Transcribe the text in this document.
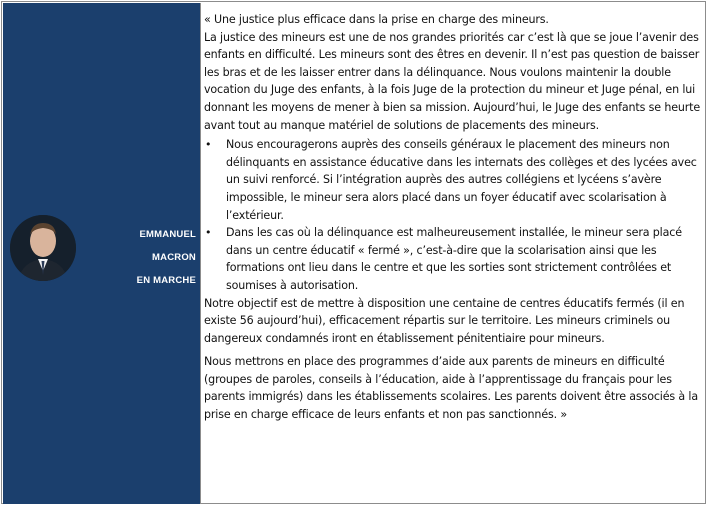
EMMANUEL
MACRON
EN MARCHE

« Une justice plus efficace dans la prise en charge des mineurs.

La justice des mineurs est une de nos grandes priorités car c’est là que se joue l’avenir des enfants en difficulté. Les mineurs sont des êtres en devenir. Il n’est pas question de baisser les bras et de les laisser entrer dans la délinquance. Nous voulons maintenir la double vocation du Juge des enfants, à la fois Juge de la protection du mineur et Juge pénal, en lui donnant les moyens de mener à bien sa mission. Aujourd’hui, le Juge des enfants se heurte avant tout au manque matériel de solutions de placements des mineurs.

• Nous encouragerons auprès des conseils généraux le placement des mineurs non délinquants en assistance éducative dans les internats des collèges et des lycées avec un suivi renforcé. Si l’intégration auprès des autres collégiens et lycéens s’avère impossible, le mineur sera alors placé dans un foyer éducatif avec scolarisation à l’extérieur.
• Dans les cas où la délinquance est malheureusement installée, le mineur sera placé dans un centre éducatif « fermé », c’est-à-dire que la scolarisation ainsi que les formations ont lieu dans le centre et que les sorties sont strictement contrôlées et soumises à autorisation.

Notre objectif est de mettre à disposition une centaine de centres éducatifs fermés (il en existe 56 aujourd’hui), efficacement répartis sur le territoire. Les mineurs criminels ou dangereux condamnés iront en établissement pénitentiaire pour mineurs.

Nous mettrons en place des programmes d’aide aux parents de mineurs en difficulté (groupes de paroles, conseils à l’éducation, aide à l’apprentissage du français pour les parents immigrés) dans les établissements scolaires. Les parents doivent être associés à la prise en charge efficace de leurs enfants et non pas sanctionnés. »
